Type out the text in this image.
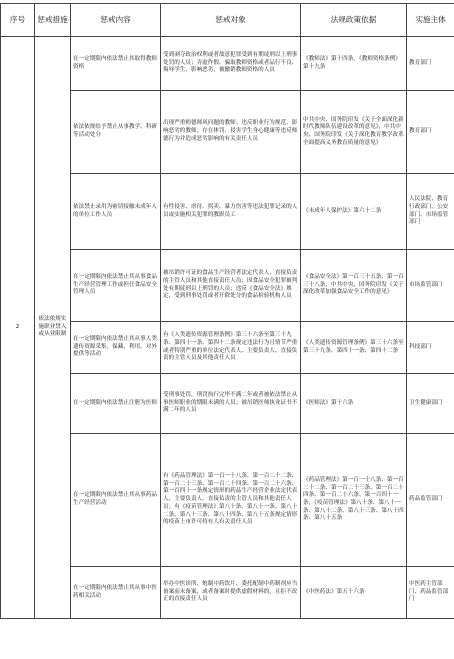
序号	惩戒措施	惩戒内容	惩戒对象	法规政策依据	实施主体
2	依法依规实施职业禁入或从业限制	在一定期限内依法禁止其取得教师资格	受到剥夺政治权利或者故意犯罪受到有期徒刑以上刑事处罚的人员；弄虚作假、骗取教师资格或者品行不良、侮辱学生、影响恶劣，被撤销教师资格的人员	《教师法》第十四条、《教师资格条例》第十九条	教育部门
		依法依规给予禁止从事教学、科研等活动处分	出现严重师德师风问题的教师；违反职业行为规范、影响恶劣的教师；存在体罚、侵害学生身心健康等违反师德行为并造成恶劣影响的有关责任人员	中共中央、国务院印发《关于全面深化新时代教师队伍建设改革的意见》，中共中央、国务院印发《关于深化教育教学改革全面提高义务教育质量的意见》	教育部门
		依法禁止录用为密切接触未成年人的单位工作人员	有性侵害、虐待、拐卖、暴力伤害等违法犯罪记录的人员或实施相关犯罪的教职员工	《未成年人保护法》第六十二条	人民法院、教育行政部门、公安部门、市场监管部门
		在一定期限内依法禁止其从事食品生产经营管理工作或担任食品安全管理人员	被吊销许可证的食品生产经营者法定代表人、直接负责的主管人员和其他直接责任人员；因食品安全犯罪被判处有期徒刑以上刑罚的人员；违反《食品安全法》规定，受到刑事处罚或者开除处分的食品检验机构人员	《食品安全法》第一百三十五条、第一百三十八条，中共中央、国务院印发《关于深化改革加强食品安全工作的意见》	市场监管部门
		在一定期限内依法禁止其从事人类遗传资源采集、保藏、利用、对外提供等活动	有《人类遗传资源管理条例》第三十六条至第三十九条、第四十一条、第四十二条规定违法行为且情节严重或者特别严重的单位法定代表人、主要负责人、直接负责的主管人员及其他责任人员	《人类遗传资源管理条例》第三十六条至第三十九条、第四十一条、第四十二条	科技部门
		在一定期限内依法禁止注册为医师	受刑事处罚，刑罚执行完毕不满二年或者被依法禁止从事医师职业的期限未满的人员；被吊销医师执业证书不满二年的人员	《医师法》第十六条	卫生健康部门
		在一定期限内依法禁止其从事药品生产经营活动	有《药品管理法》第一百一十八条、第一百二十二条、第一百二十三条、第一百二十四条、第一百二十六条、第一百四十一条规定情形的药品生产经营企业法定代表人、主要负责人、直接负责的主管人员和其他责任人员；有《疫苗管理法》第八十条、第八十一条、第八十二条、第八十三条、第八十四条、第八十五条规定情形的疫苗上市许可持有人有关责任人员	《药品管理法》第一百一十八条、第一百二十二条、第一百二十三条、第一百二十四条、第一百二十六条、第一百四十一条，《疫苗管理法》第八十条、第八十一条、第八十二条、第八十三条、第八十四条、第八十五条	药品监管部门
		在一定期限内依法禁止其从事中医药相关活动	举办中医诊所、炮制中药饮片、委托配制中药制剂应当备案而未备案，或者备案时提供虚假材料的，且拒不改正的直接责任人员	《中医药法》第五十六条	中医药主管部门、药品监管部门
